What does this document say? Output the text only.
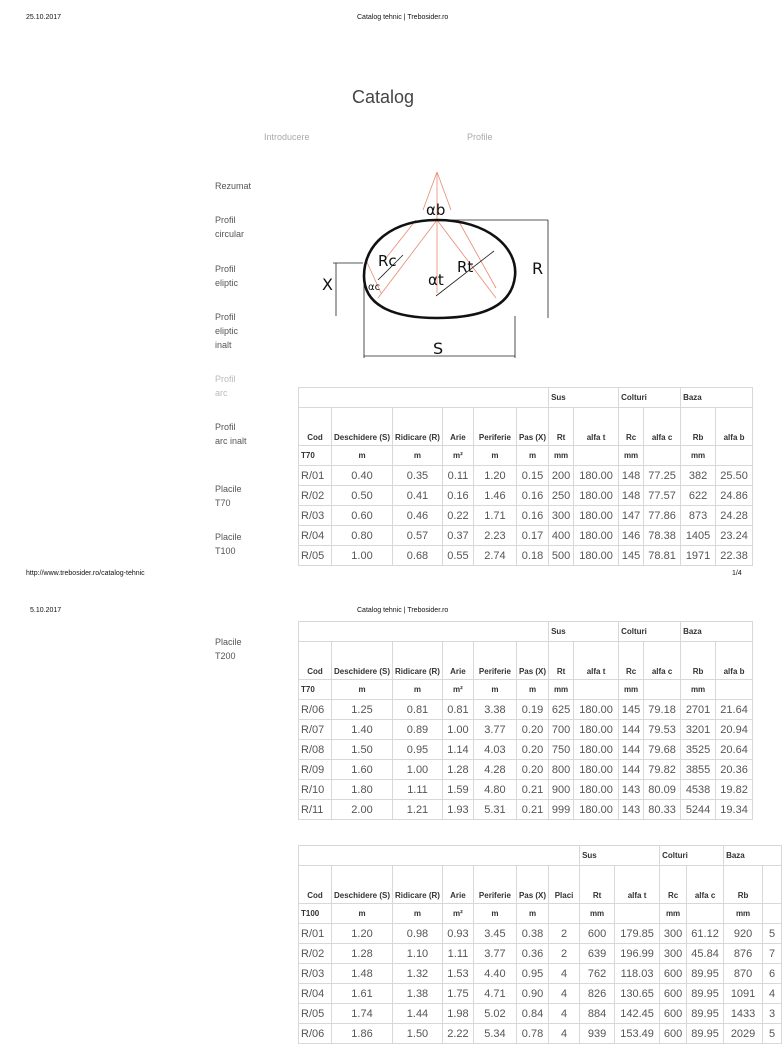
25.10.2017	Catalog tehnic | Trebosider.ro
Catalog
Introducere	Profile
Rezumat
Profil circular
Profil eliptic
Profil eliptic inalt
Profil arc
Profil arc inalt
Placile T70
Placile T100
αb
Rc
αt
Rt
αc
X
R
S
						Sus		Colturi		Baza	
Cod	Deschidere (S)	Ridicare (R)	Arie	Periferie	Pas (X)	Rt	alfa t	Rc	alfa c	Rb	alfa b
T70	m	m	m²	m	m	mm		mm		mm	
R/01	0.40	0.35	0.11	1.20	0.15	200	180.00	148	77.25	382	25.50
R/02	0.50	0.41	0.16	1.46	0.16	250	180.00	148	77.57	622	24.86
R/03	0.60	0.46	0.22	1.71	0.16	300	180.00	147	77.86	873	24.28
R/04	0.80	0.57	0.37	2.23	0.17	400	180.00	146	78.38	1405	23.24
R/05	1.00	0.68	0.55	2.74	0.18	500	180.00	145	78.81	1971	22.38
http://www.trebosider.ro/catalog-tehnic	1/4
5.10.2017	Catalog tehnic | Trebosider.ro
Placile T200
						Sus		Colturi		Baza	
Cod	Deschidere (S)	Ridicare (R)	Arie	Periferie	Pas (X)	Rt	alfa t	Rc	alfa c	Rb	alfa b
T70	m	m	m²	m	m	mm		mm		mm	
R/06	1.25	0.81	0.81	3.38	0.19	625	180.00	145	79.18	2701	21.64
R/07	1.40	0.89	1.00	3.77	0.20	700	180.00	144	79.53	3201	20.94
R/08	1.50	0.95	1.14	4.03	0.20	750	180.00	144	79.68	3525	20.64
R/09	1.60	1.00	1.28	4.28	0.20	800	180.00	144	79.82	3855	20.36
R/10	1.80	1.11	1.59	4.80	0.21	900	180.00	143	80.09	4538	19.82
R/11	2.00	1.21	1.93	5.31	0.21	999	180.00	143	80.33	5244	19.34
							Sus		Colturi		Baza	
Cod	Deschidere (S)	Ridicare (R)	Arie	Periferie	Pas (X)	Placi	Rt	alfa t	Rc	alfa c	Rb	
T100	m	m	m²	m	m		mm		mm		mm	
R/01	1.20	0.98	0.93	3.45	0.38	2	600	179.85	300	61.12	920	5
R/02	1.28	1.10	1.11	3.77	0.36	2	639	196.99	300	45.84	876	7
R/03	1.48	1.32	1.53	4.40	0.95	4	762	118.03	600	89.95	870	6
R/04	1.61	1.38	1.75	4.71	0.90	4	826	130.65	600	89.95	1091	4
R/05	1.74	1.44	1.98	5.02	0.84	4	884	142.45	600	89.95	1433	3
R/06	1.86	1.50	2.22	5.34	0.78	4	939	153.49	600	89.95	2029	5
